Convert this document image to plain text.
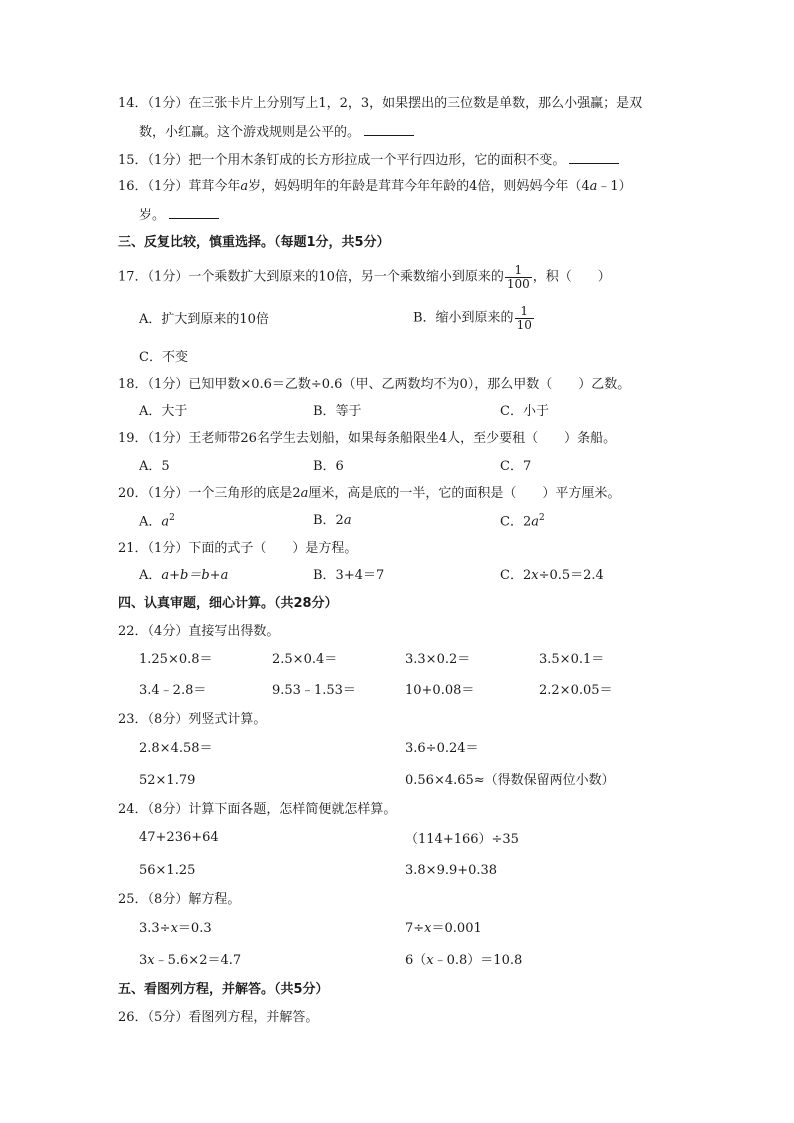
14．（1分）在三张卡片上分别写上1，2，3，如果摆出的三位数是单数，那么小强赢；是双
数，小红赢。这个游戏规则是公平的。
15．（1分）把一个用木条钉成的长方形拉成一个平行四边形，它的面积不变。
16．（1分）茸茸今年a岁，妈妈明年的年龄是茸茸今年年龄的4倍，则妈妈今年（4a﹣1）
岁。
三、反复比较，慎重选择。（每题1分，共5分）
17．（1分）一个乘数扩大到原来的10倍，另一个乘数缩小到原来的 $\frac{1}{100}$ ，积（　　）
A．扩大到原来的10倍	B．缩小到原来的 $\frac{1}{10}$
C．不变
18．（1分）已知甲数×0.6＝乙数÷0.6（甲、乙两数均不为0），那么甲数（　　）乙数。
A．大于	B．等于	C．小于
19．（1分）王老师带26名学生去划船，如果每条船限坐4人，至少要租（　　）条船。
A．5	B．6	C．7
20．（1分）一个三角形的底是2a厘米，高是底的一半，它的面积是（　　）平方厘米。
A．$a^2$	B．2a	C．$2a^2$
21．（1分）下面的式子（　　）是方程。
A．a+b＝b+a	B．3+4＝7	C．2x÷0.5＝2.4
四、认真审题，细心计算。（共28分）
22．（4分）直接写出得数。
1.25×0.8＝	2.5×0.4＝	3.3×0.2＝	3.5×0.1＝
3.4﹣2.8＝	9.53﹣1.53＝	10+0.08＝	2.2×0.05＝
23．（8分）列竖式计算。
2.8×4.58＝	3.6÷0.24＝
52×1.79	0.56×4.65≈（得数保留两位小数）
24．（8分）计算下面各题，怎样简便就怎样算。
47+236+64	（114+166）÷35
56×1.25	3.8×9.9+0.38
25．（8分）解方程。
3.3÷x＝0.3	7÷x＝0.001
3x﹣5.6×2＝4.7	6（x﹣0.8）＝10.8
五、看图列方程，并解答。（共5分）
26．（5分）看图列方程，并解答。
